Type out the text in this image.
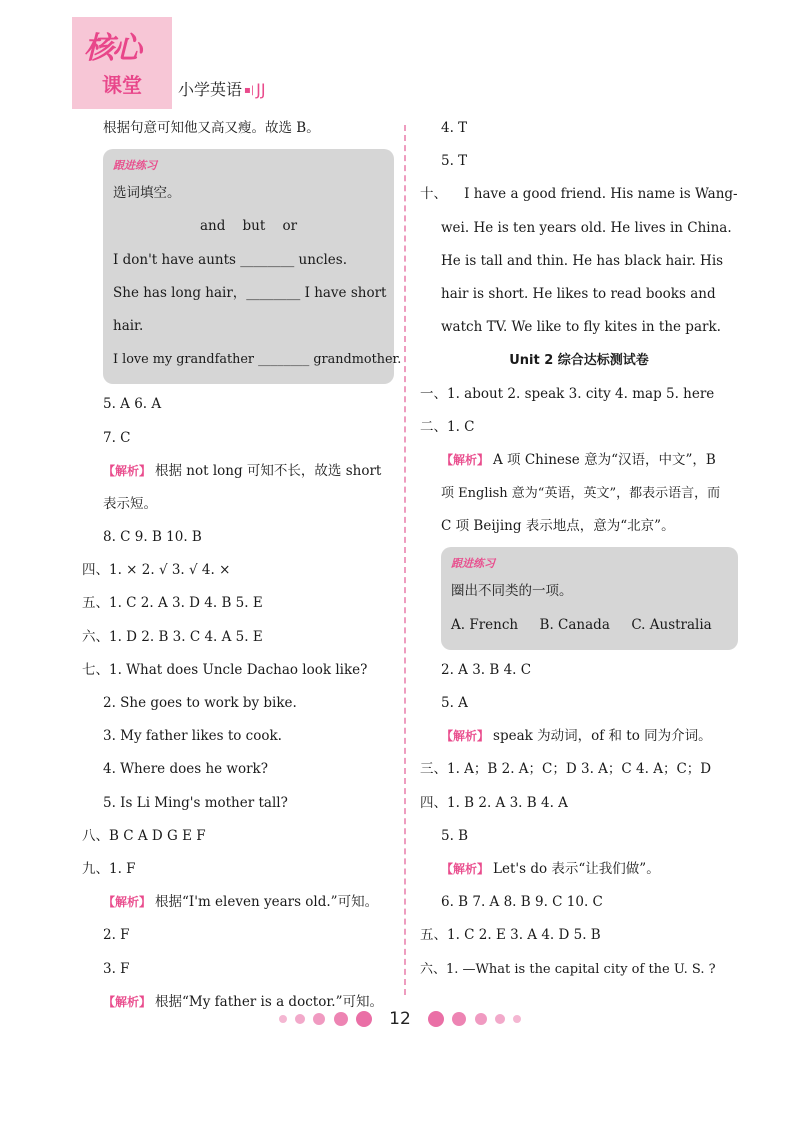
核心
课堂 小学英语 ▪| JJ
根据句意可知他又高又瘦。故选 B。
跟进练习
选词填空。
and    but    or
I don't have aunts ________ uncles.
She has long hair，________ I have short
hair.
I love my grandfather ________ grandmother.
5. A 6. A
7. C
【解析】 根据 not long 可知不长，故选 short
表示短。
8. C 9. B 10. B
四、1. × 2. √ 3. √ 4. ×
五、1. C 2. A 3. D 4. B 5. E
六、1. D 2. B 3. C 4. A 5. E
七、1. What does Uncle Dachao look like?
2. She goes to work by bike.
3. My father likes to cook.
4. Where does he work?
5. Is Li Ming's mother tall?
八、B C A D G E F
九、1. F
【解析】 根据“I'm eleven years old.”可知。
2. F
3. F
【解析】 根据“My father is a doctor.”可知。
4. T
5. T
十、    I have a good friend. His name is Wang-
wei. He is ten years old. He lives in China.
He is tall and thin. He has black hair. His
hair is short. He likes to read books and
watch TV. We like to fly kites in the park.
Unit 2 综合达标测试卷
一、1. about 2. speak 3. city 4. map 5. here
二、1. C
【解析】 A 项 Chinese 意为“汉语，中文”，B
项 English 意为“英语，英文”，都表示语言，而
C 项 Beijing 表示地点，意为“北京”。
跟进练习
圈出不同类的一项。
A. French     B. Canada     C. Australia
2. A 3. B 4. C
5. A
【解析】 speak 为动词，of 和 to 同为介词。
三、1. A；B 2. A；C；D 3. A；C 4. A；C；D
四、1. B 2. A 3. B 4. A
5. B
【解析】 Let's do 表示“让我们做”。
6. B 7. A 8. B 9. C 10. C
五、1. C 2. E 3. A 4. D 5. B
六、1. —What is the capital city of the U. S. ?
12
